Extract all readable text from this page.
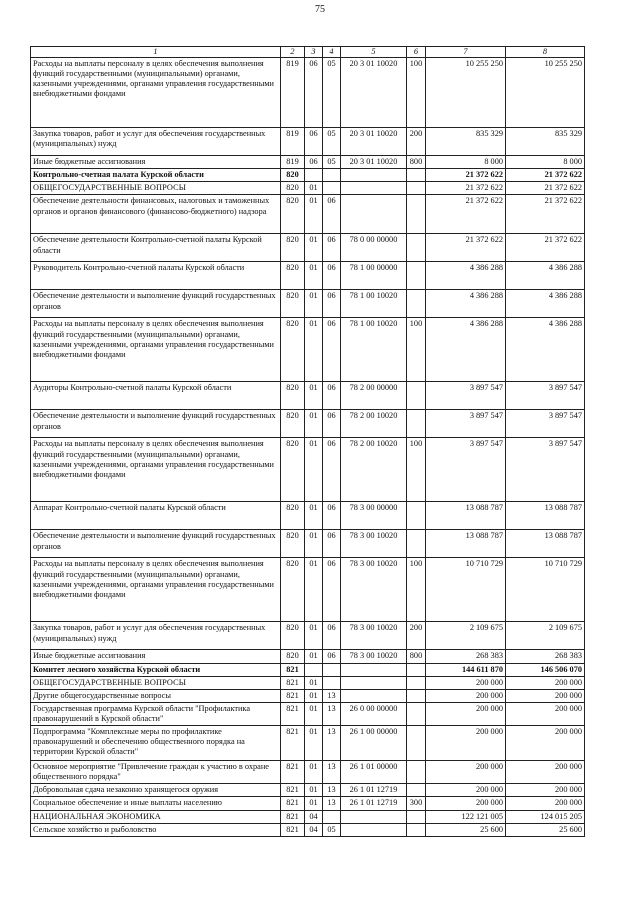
75
1	2	3	4	5	6	7	8
Расходы на выплаты персоналу в целях обеспечения выполнения функций государственными (муниципальными) органами, казенными учреждениями, органами управления государственными внебюджетными фондами	819	06	05	20 3 01 10020	100	10 255 250	10 255 250
Закупка товаров, работ и услуг для обеспечения государственных (муниципальных) нужд	819	06	05	20 3 01 10020	200	835 329	835 329
Иные бюджетные ассигнования	819	06	05	20 3 01 10020	800	8 000	8 000
Контрольно-счетная палата Курской области	820					21 372 622	21 372 622
ОБЩЕГОСУДАРСТВЕННЫЕ ВОПРОСЫ	820	01				21 372 622	21 372 622
Обеспечение деятельности финансовых, налоговых и таможенных органов и органов финансового (финансово-бюджетного) надзора	820	01	06			21 372 622	21 372 622
Обеспечение деятельности Контрольно-счетной палаты Курской области	820	01	06	78 0 00 00000		21 372 622	21 372 622
Руководитель Контрольно-счетной палаты Курской области	820	01	06	78 1 00 00000		4 386 288	4 386 288
Обеспечение деятельности и выполнение функций государственных органов	820	01	06	78 1 00 10020		4 386 288	4 386 288
Расходы на выплаты персоналу в целях обеспечения выполнения функций государственными (муниципальными) органами, казенными учреждениями, органами управления государственными внебюджетными фондами	820	01	06	78 1 00 10020	100	4 386 288	4 386 288
Аудиторы Контрольно-счетной палаты Курской области	820	01	06	78 2 00 00000		3 897 547	3 897 547
Обеспечение деятельности и выполнение функций государственных органов	820	01	06	78 2 00 10020		3 897 547	3 897 547
Расходы на выплаты персоналу в целях обеспечения выполнения функций государственными (муниципальными) органами, казенными учреждениями, органами управления государственными внебюджетными фондами	820	01	06	78 2 00 10020	100	3 897 547	3 897 547
Аппарат Контрольно-счетной палаты Курской области	820	01	06	78 3 00 00000		13 088 787	13 088 787
Обеспечение деятельности и выполнение функций государственных органов	820	01	06	78 3 00 10020		13 088 787	13 088 787
Расходы на выплаты персоналу в целях обеспечения выполнения функций государственными (муниципальными) органами, казенными учреждениями, органами управления государственными внебюджетными фондами	820	01	06	78 3 00 10020	100	10 710 729	10 710 729
Закупка товаров, работ и услуг для обеспечения государственных (муниципальных) нужд	820	01	06	78 3 00 10020	200	2 109 675	2 109 675
Иные бюджетные ассигнования	820	01	06	78 3 00 10020	800	268 383	268 383
Комитет лесного хозяйства Курской области	821					144 611 870	146 506 070
ОБЩЕГОСУДАРСТВЕННЫЕ ВОПРОСЫ	821	01				200 000	200 000
Другие общегосударственные вопросы	821	01	13			200 000	200 000
Государственная программа Курской области "Профилактика правонарушений в Курской области"	821	01	13	26 0 00 00000		200 000	200 000
Подпрограмма "Комплексные меры по профилактике правонарушений и обеспечению общественного порядка на территории Курской области"	821	01	13	26 1 00 00000		200 000	200 000
Основное мероприятие "Привлечение граждан к участию в охране общественного порядка"	821	01	13	26 1 01 00000		200 000	200 000
Добровольная сдача незаконно хранящегося оружия	821	01	13	26 1 01 12719		200 000	200 000
Социальное обеспечение и иные выплаты населению	821	01	13	26 1 01 12719	300	200 000	200 000
НАЦИОНАЛЬНАЯ ЭКОНОМИКА	821	04				122 121 005	124 015 205
Сельское хозяйство и рыболовство	821	04	05			25 600	25 600
